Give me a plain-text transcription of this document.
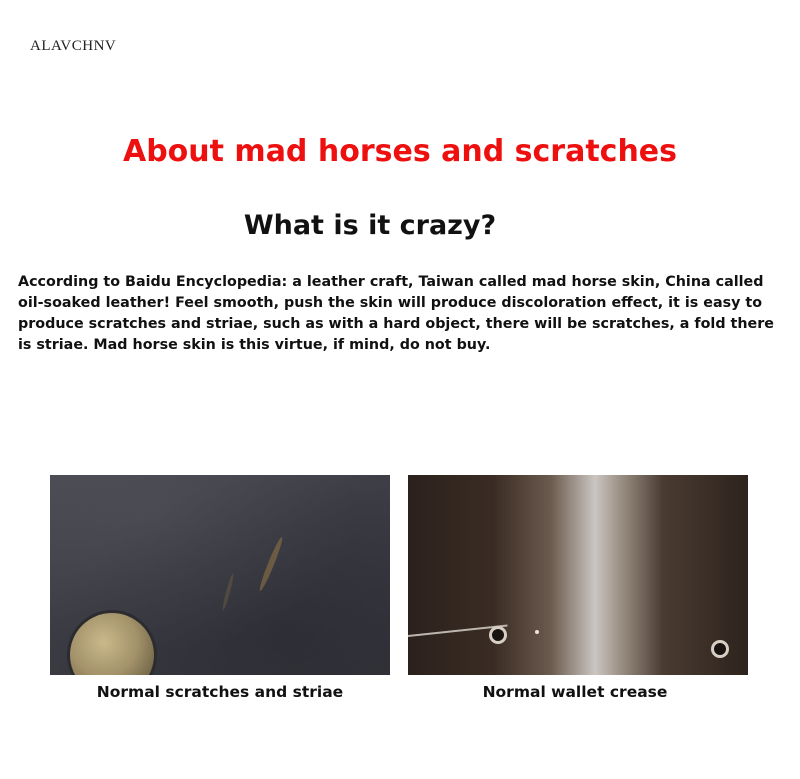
ALAVCHNV
About mad horses and scratches
What is it crazy?
According to Baidu Encyclopedia: a leather craft, Taiwan called mad horse skin, China called oil-soaked leather! Feel smooth, push the skin will produce discoloration effect, it is easy to produce scratches and striae, such as with a hard object, there will be scratches, a fold there is striae. Mad horse skin is this virtue, if mind, do not buy.
Normal scratches and striae	Normal wallet crease
